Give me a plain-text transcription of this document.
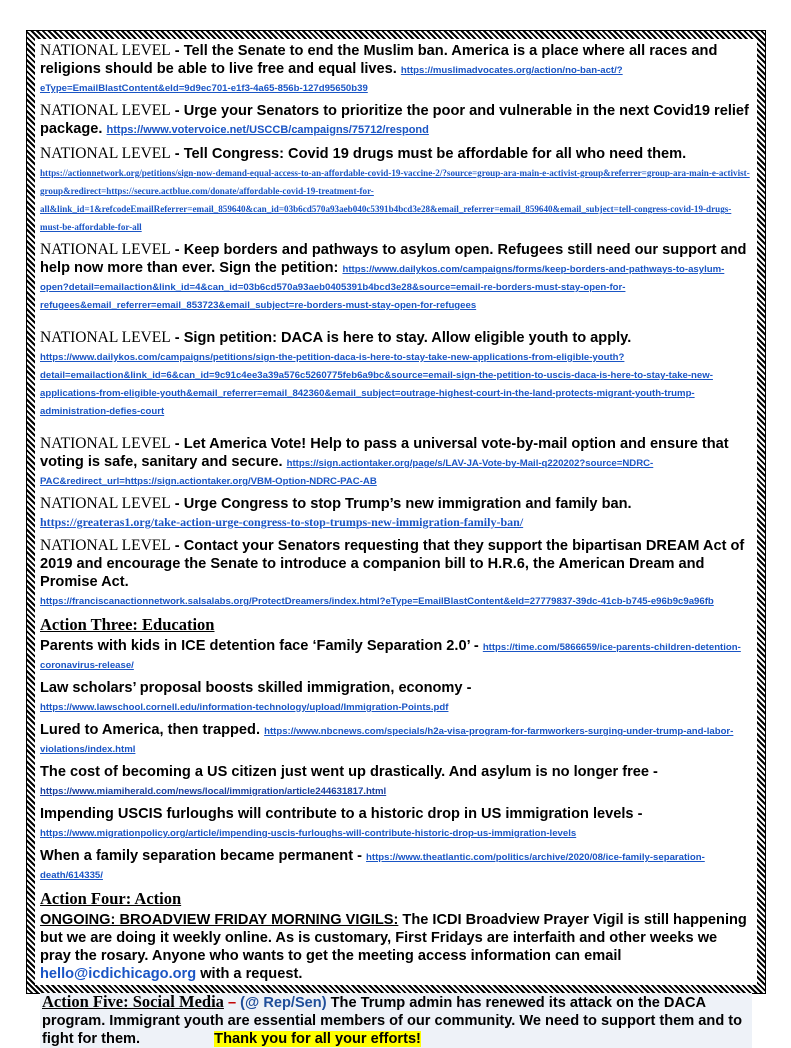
NATIONAL LEVEL - Tell the Senate to end the Muslim ban. America is a place where all races and religions should be able to live free and equal lives. https://muslimadvocates.org/action/no-ban-act/?eType=EmailBlastContent&eId=9d9ec701-e1f3-4a65-856b-127d95650b39
NATIONAL LEVEL - Urge your Senators to prioritize the poor and vulnerable in the next Covid19 relief package. https://www.votervoice.net/USCCB/campaigns/75712/respond
NATIONAL LEVEL - Tell Congress: Covid 19 drugs must be affordable for all who need them.
https://actionnetwork.org/petitions/sign-now-demand-equal-access-to-an-affordable-covid-19-vaccine-2/?source=group-ara-main-e-activist-group&referrer=group-ara-main-e-activist-group&redirect=https://secure.actblue.com/donate/affordable-covid-19-treatment-for-all&link_id=1&refcodeEmailReferrer=email_859640&can_id=03b6cd570a93aeb040c5391b4bcd3e28&email_referrer=email_859640&email_subject=tell-congress-covid-19-drugs-must-be-affordable-for-all
NATIONAL LEVEL - Keep borders and pathways to asylum open. Refugees still need our support and help now more than ever. Sign the petition: https://www.dailykos.com/campaigns/forms/keep-borders-and-pathways-to-asylum-open?detail=emailaction&link_id=4&can_id=03b6cd570a93aeb0405391b4bcd3e28&source=email-re-borders-must-stay-open-for-refugees&email_referrer=email_853723&email_subject=re-borders-must-stay-open-for-refugees
NATIONAL LEVEL - Sign petition: DACA is here to stay. Allow eligible youth to apply.
https://www.dailykos.com/campaigns/petitions/sign-the-petition-daca-is-here-to-stay-take-new-applications-from-eligible-youth?detail=emailaction&link_id=6&can_id=9c91c4ee3a39a576c5260775feb6a9bc&source=email-sign-the-petition-to-uscis-daca-is-here-to-stay-take-new-applications-from-eligible-youth&email_referrer=email_842360&email_subject=outrage-highest-court-in-the-land-protects-migrant-youth-trump-administration-defies-court
NATIONAL LEVEL - Let America Vote! Help to pass a universal vote-by-mail option and ensure that voting is safe, sanitary and secure. https://sign.actiontaker.org/page/s/LAV-JA-Vote-by-Mail-q220202?source=NDRC-PAC&redirect_url=https://sign.actiontaker.org/VBM-Option-NDRC-PAC-AB
NATIONAL LEVEL - Urge Congress to stop Trump’s new immigration and family ban.
https://greateras1.org/take-action-urge-congress-to-stop-trumps-new-immigration-family-ban/
NATIONAL LEVEL - Contact your Senators requesting that they support the bipartisan DREAM Act of 2019 and encourage the Senate to introduce a companion bill to H.R.6, the American Dream and Promise Act.
https://franciscanactionnetwork.salsalabs.org/ProtectDreamers/index.html?eType=EmailBlastContent&eId=27779837-39dc-41cb-b745-e96b9c9a96fb
Action Three: Education
Parents with kids in ICE detention face ‘Family Separation 2.0’ - https://time.com/5866659/ice-parents-children-detention-coronavirus-release/
Law scholars’ proposal boosts skilled immigration, economy -
https://www.lawschool.cornell.edu/information-technology/upload/Immigration-Points.pdf
Lured to America, then trapped. https://www.nbcnews.com/specials/h2a-visa-program-for-farmworkers-surging-under-trump-and-labor-violations/index.html
The cost of becoming a US citizen just went up drastically. And asylum is no longer free -
https://www.miamiherald.com/news/local/immigration/article244631817.html
Impending USCIS furloughs will contribute to a historic drop in US immigration levels -
https://www.migrationpolicy.org/article/impending-uscis-furloughs-will-contribute-historic-drop-us-immigration-levels
When a family separation became permanent - https://www.theatlantic.com/politics/archive/2020/08/ice-family-separation-death/614335/
Action Four: Action
ONGOING: BROADVIEW FRIDAY MORNING VIGILS: The ICDI Broadview Prayer Vigil is still happening but we are doing it weekly online. As is customary, First Fridays are interfaith and other weeks we pray the rosary. Anyone who wants to get the meeting access information can email hello@icdichicago.org with a request.
Action Five: Social Media – (@ Rep/Sen) The Trump admin has renewed its attack on the DACA program. Immigrant youth are essential members of our community. We need to support them and to fight for them.	Thank you for all your efforts!
